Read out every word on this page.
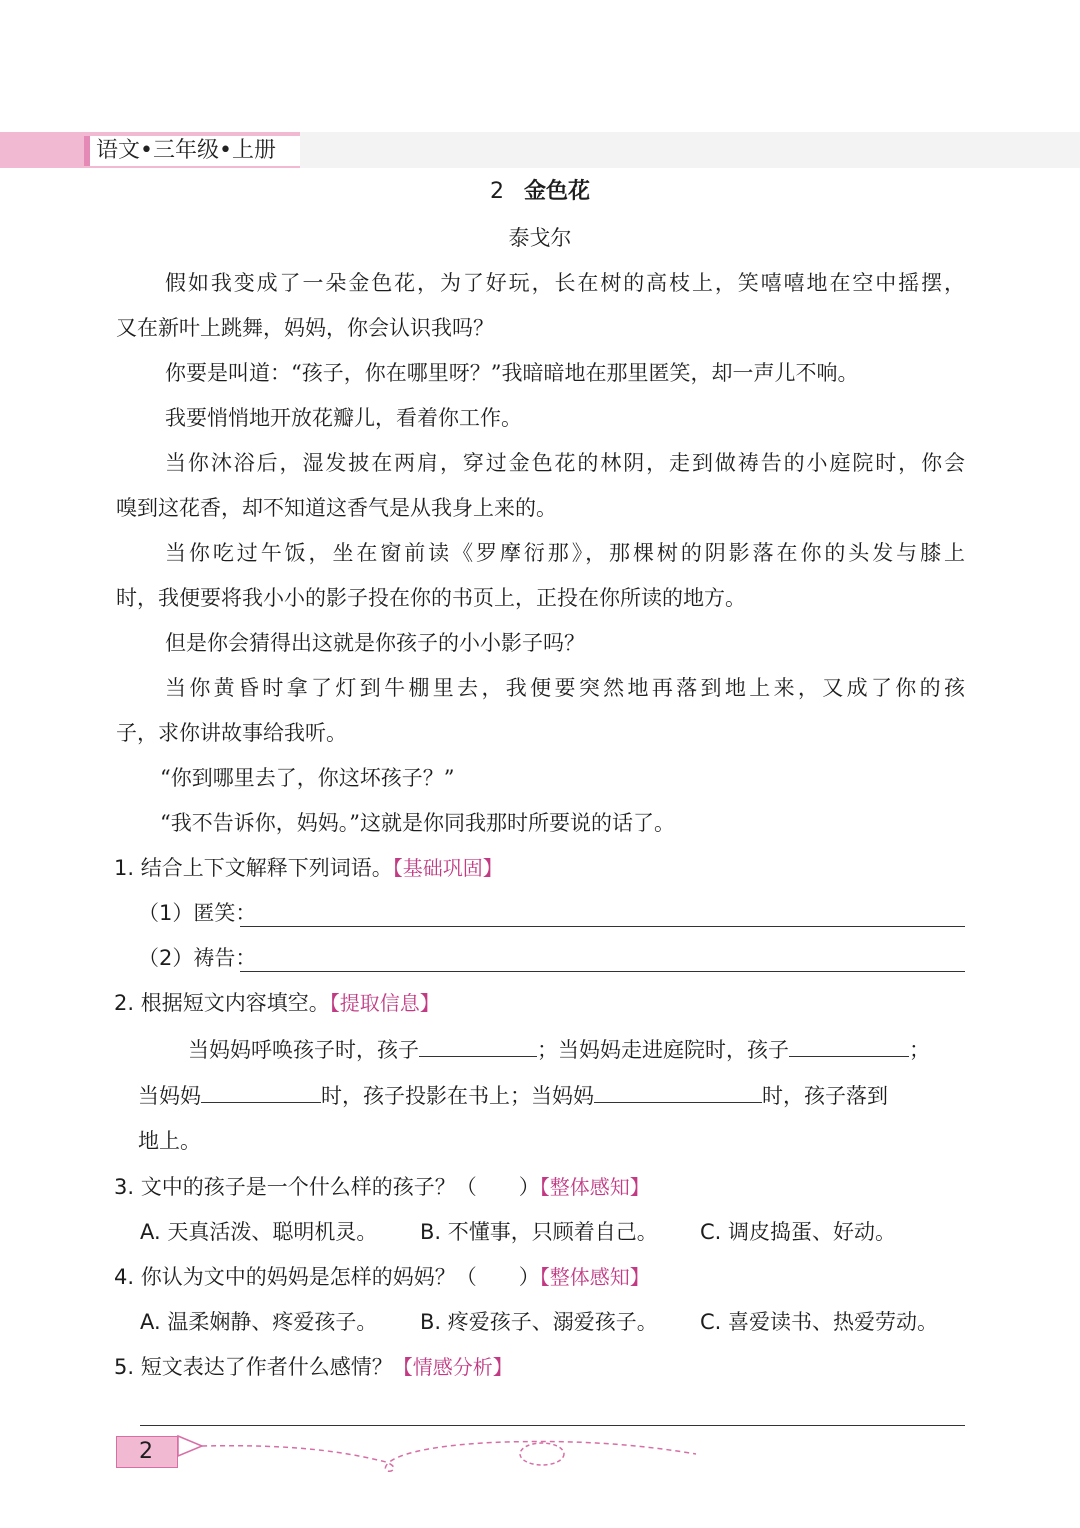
语文•三年级•上册
2 金色花
泰戈尔
假如我变成了一朵金色花，为了好玩，长在树的高枝上，笑嘻嘻地在空中摇摆，
又在新叶上跳舞，妈妈，你会认识我吗？
你要是叫道：“孩子，你在哪里呀？”我暗暗地在那里匿笑，却一声儿不响。
我要悄悄地开放花瓣儿，看着你工作。
当你沐浴后，湿发披在两肩，穿过金色花的林阴，走到做祷告的小庭院时，你会
嗅到这花香，却不知道这香气是从我身上来的。
当你吃过午饭，坐在窗前读《罗摩衍那》，那棵树的阴影落在你的头发与膝上
时，我便要将我小小的影子投在你的书页上，正投在你所读的地方。
但是你会猜得出这就是你孩子的小小影子吗？
当你黄昏时拿了灯到牛棚里去，我便要突然地再落到地上来，又成了你的孩
子，求你讲故事给我听。
“你到哪里去了，你这坏孩子？”
“我不告诉你，妈妈。”这就是你同我那时所要说的话了。
1. 结合上下文解释下列词语。【基础巩固】
（1）匿笑：
（2）祷告：
2. 根据短文内容填空。【提取信息】
当妈妈呼唤孩子时，孩子	；当妈妈走进庭院时，孩子	；
当妈妈	时，孩子投影在书上；当妈妈	时，孩子落到
地上。
3. 文中的孩子是一个什么样的孩子？（　　）【整体感知】
A. 天真活泼、聪明机灵。 B. 不懂事，只顾着自己。 C. 调皮捣蛋、好动。
4. 你认为文中的妈妈是怎样的妈妈？（　　）【整体感知】
A. 温柔娴静、疼爱孩子。 B. 疼爱孩子、溺爱孩子。 C. 喜爱读书、热爱劳动。
5. 短文表达了作者什么感情？【情感分析】
2
